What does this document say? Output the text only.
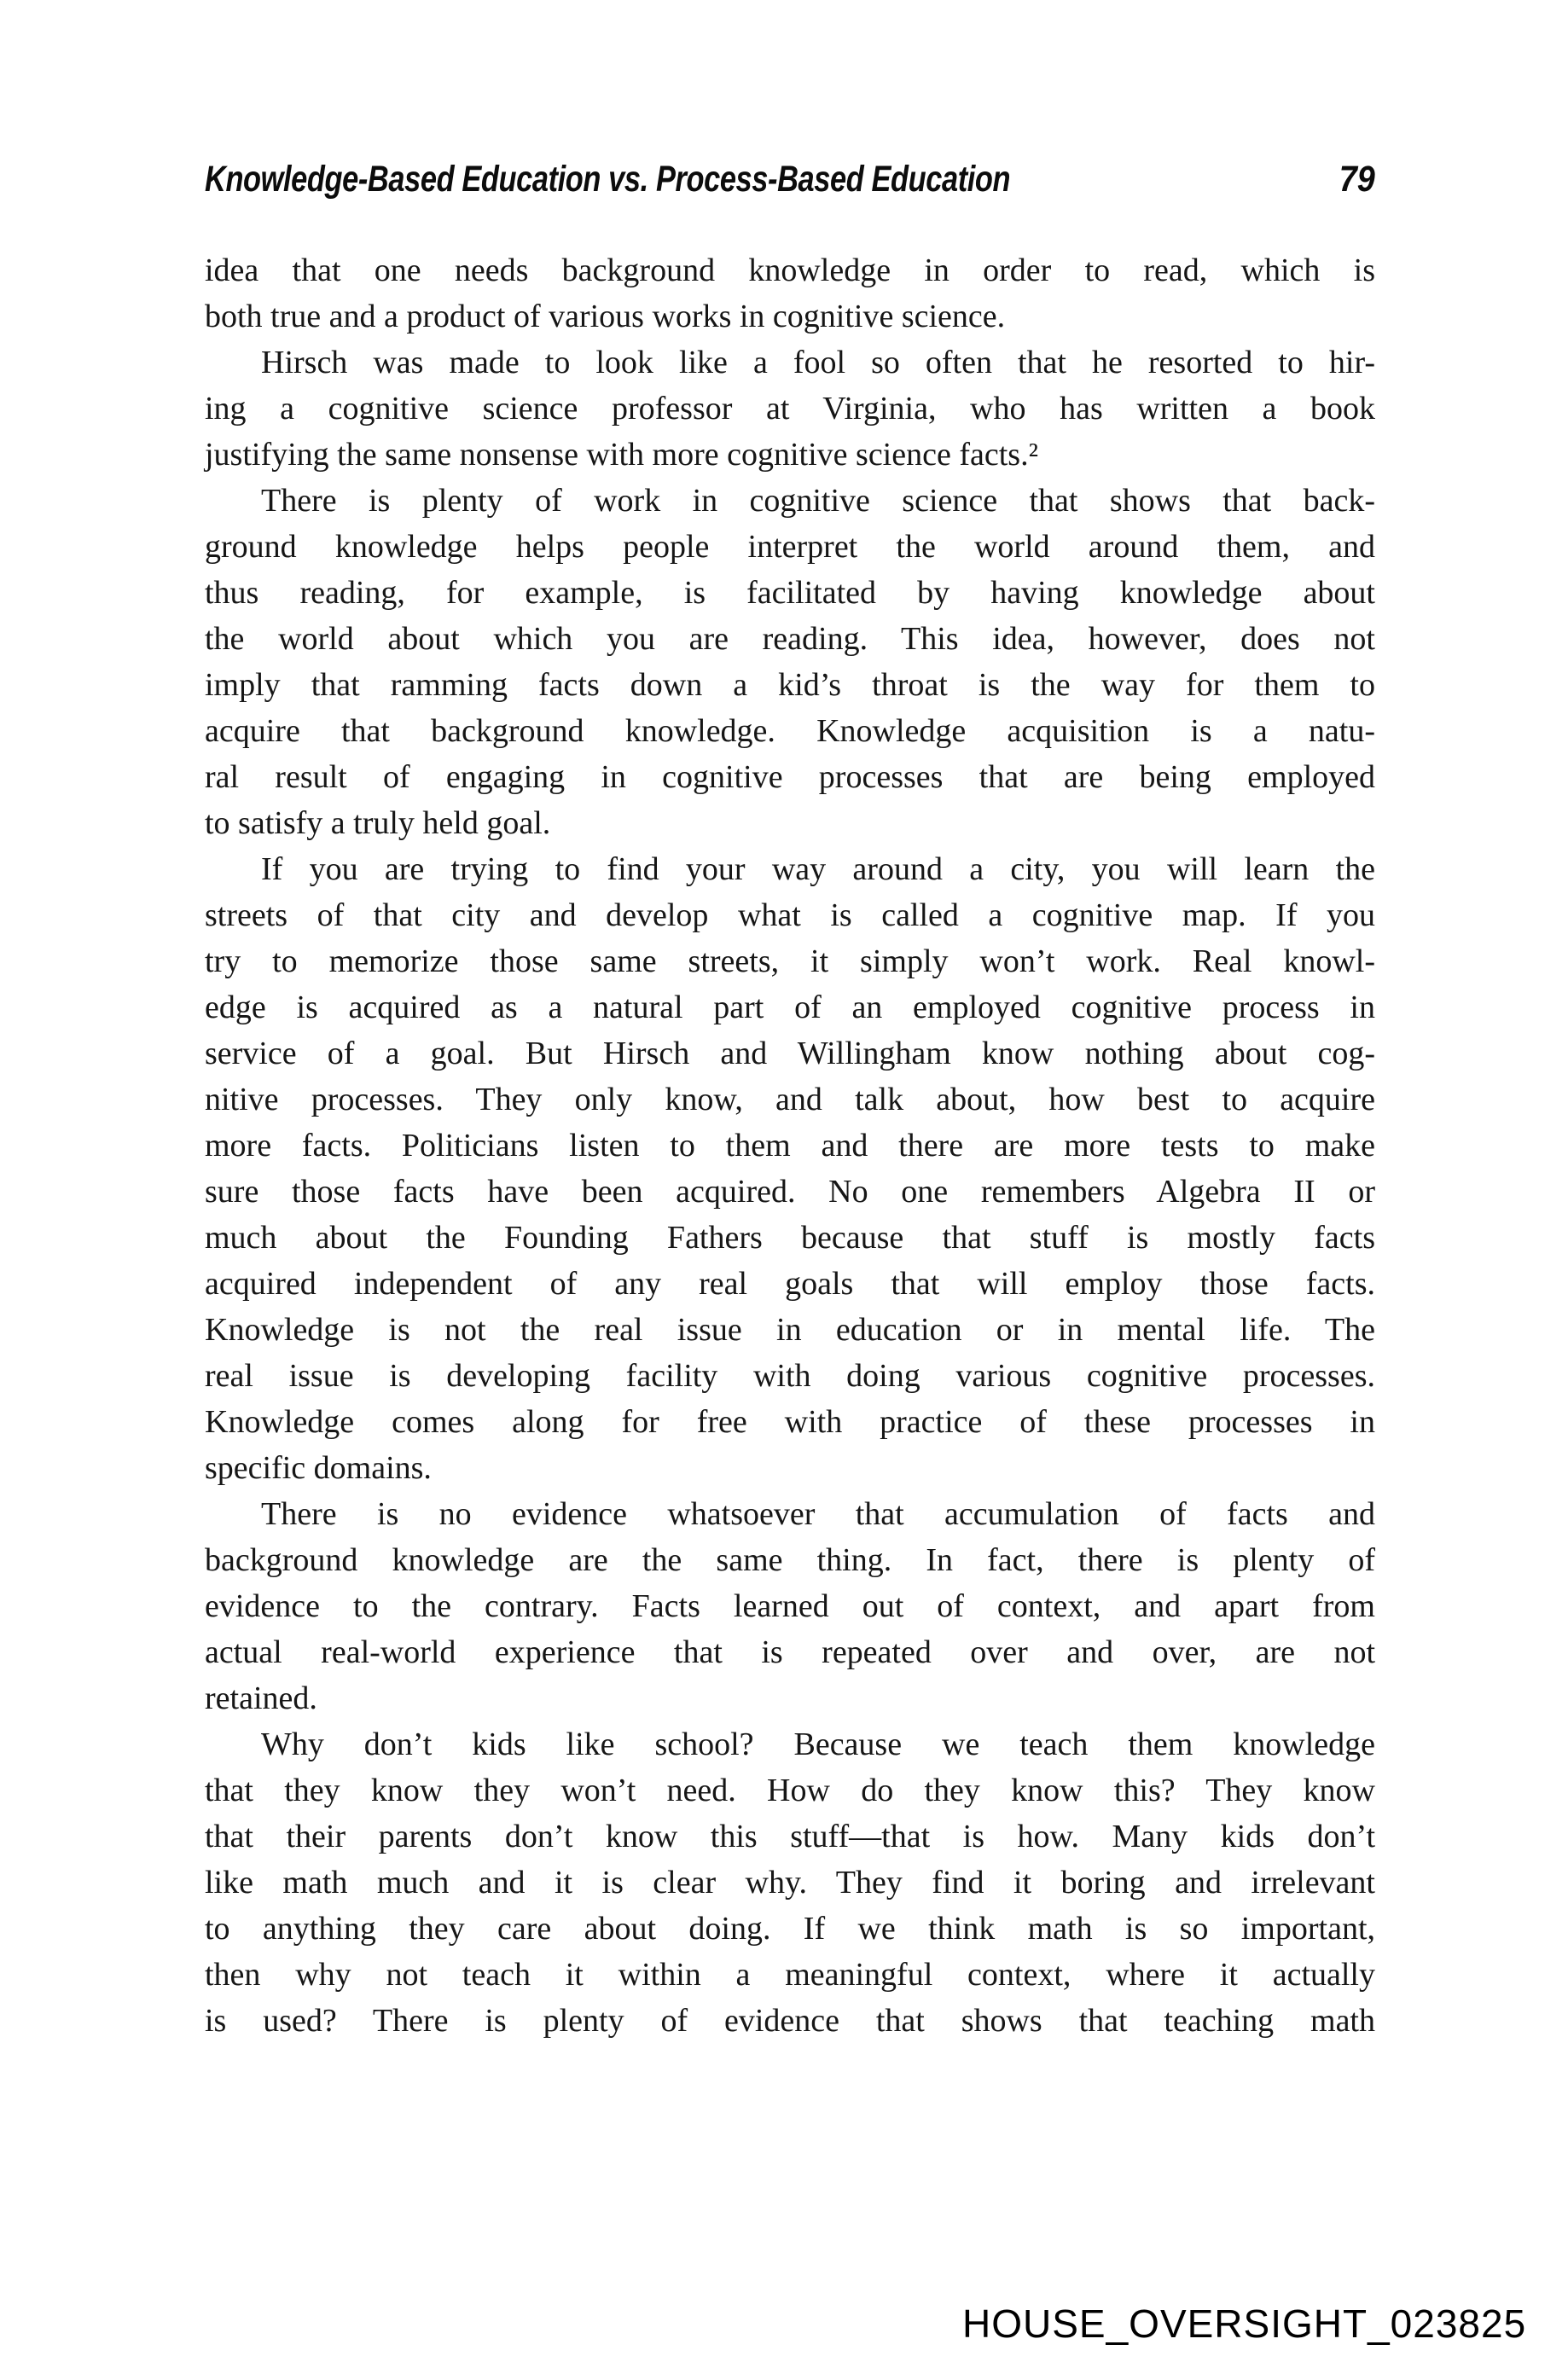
Knowledge-Based Education vs. Process-Based Education	79
idea that one needs background knowledge in order to read, which is
both true and a product of various works in cognitive science.
Hirsch was made to look like a fool so often that he resorted to hir-
ing a cognitive science professor at Virginia, who has written a book
justifying the same nonsense with more cognitive science facts.²
There is plenty of work in cognitive science that shows that back-
ground knowledge helps people interpret the world around them, and
thus reading, for example, is facilitated by having knowledge about
the world about which you are reading. This idea, however, does not
imply that ramming facts down a kid’s throat is the way for them to
acquire that background knowledge. Knowledge acquisition is a natu-
ral result of engaging in cognitive processes that are being employed
to satisfy a truly held goal.
If you are trying to find your way around a city, you will learn the
streets of that city and develop what is called a cognitive map. If you
try to memorize those same streets, it simply won’t work. Real knowl-
edge is acquired as a natural part of an employed cognitive process in
service of a goal. But Hirsch and Willingham know nothing about cog-
nitive processes. They only know, and talk about, how best to acquire
more facts. Politicians listen to them and there are more tests to make
sure those facts have been acquired. No one remembers Algebra II or
much about the Founding Fathers because that stuff is mostly facts
acquired independent of any real goals that will employ those facts.
Knowledge is not the real issue in education or in mental life. The
real issue is developing facility with doing various cognitive processes.
Knowledge comes along for free with practice of these processes in
specific domains.
There is no evidence whatsoever that accumulation of facts and
background knowledge are the same thing. In fact, there is plenty of
evidence to the contrary. Facts learned out of context, and apart from
actual real-world experience that is repeated over and over, are not
retained.
Why don’t kids like school? Because we teach them knowledge
that they know they won’t need. How do they know this? They know
that their parents don’t know this stuff—that is how. Many kids don’t
like math much and it is clear why. They find it boring and irrelevant
to anything they care about doing. If we think math is so important,
then why not teach it within a meaningful context, where it actually
is used? There is plenty of evidence that shows that teaching math
HOUSE_OVERSIGHT_023825
